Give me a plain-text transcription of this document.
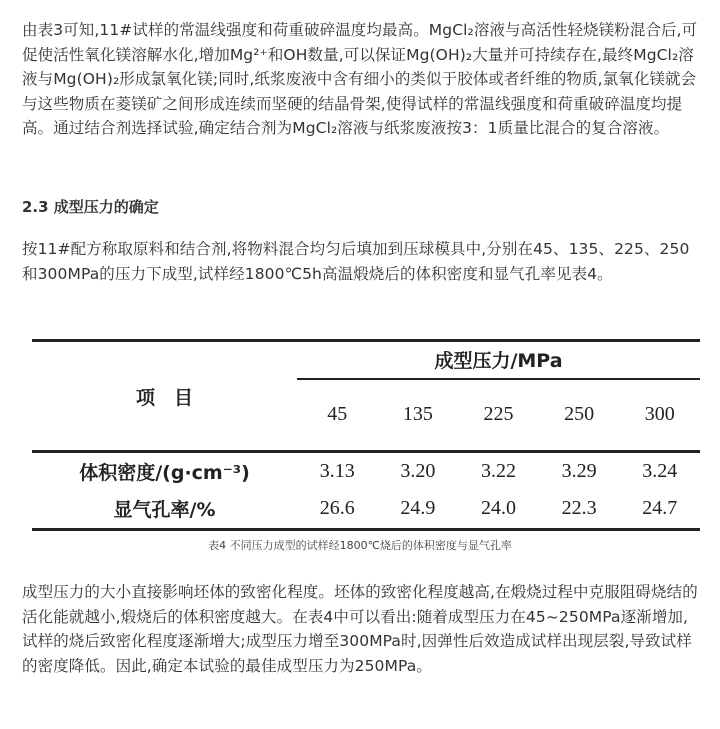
由表3可知,11#试样的常温线强度和荷重破碎温度均最高。MgCl₂溶液与高活性轻烧镁粉混合后,可促使活性氧化镁溶解水化,增加Mg²⁺和OH数量,可以保证Mg(OH)₂大量并可持续存在,最终MgCl₂溶液与Mg(OH)₂形成氯氧化镁;同时,纸浆废液中含有细小的类似于胶体或者纤维的物质,氯氧化镁就会与这些物质在菱镁矿之间形成连续而坚硬的结晶骨架,使得试样的常温线强度和荷重破碎温度均提高。通过结合剂选择试验,确定结合剂为MgCl₂溶液与纸浆废液按3：1质量比混合的复合溶液。

2.3 成型压力的确定

按11#配方称取原料和结合剂,将物料混合均匀后填加到压球模具中,分别在45、135、225、250和300MPa的压力下成型,试样经1800℃5h高温煅烧后的体积密度和显气孔率见表4。

项　目	成型压力/MPa				
	45	135	225	250	300
体积密度/(g·cm⁻³)	3.13	3.20	3.22	3.29	3.24
显气孔率/%	26.6	24.9	24.0	22.3	24.7
表4 不同压力成型的试样经1800℃烧后的体积密度与显气孔率

成型压力的大小直接影响坯体的致密化程度。坯体的致密化程度越高,在煅烧过程中克服阻碍烧结的活化能就越小,煅烧后的体积密度越大。在表4中可以看出:随着成型压力在45~250MPa逐渐增加,试样的烧后致密化程度逐渐增大;成型压力增至300MPa时,因弹性后效造成试样出现层裂,导致试样的密度降低。因此,确定本试验的最佳成型压力为250MPa。
